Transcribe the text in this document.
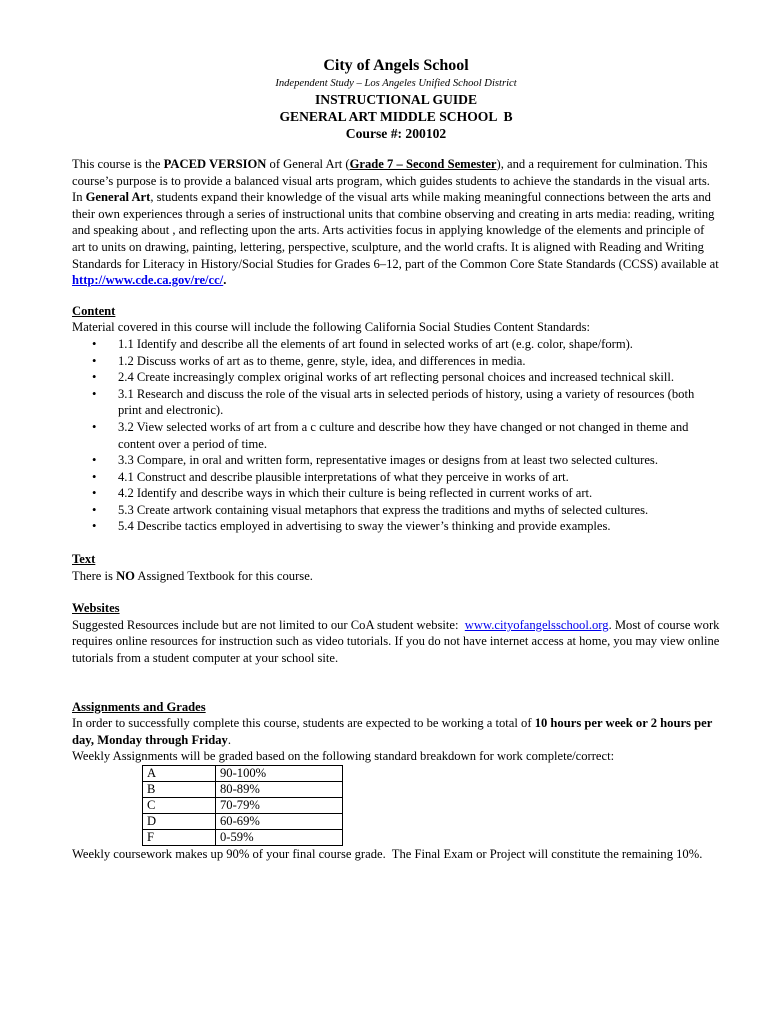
City of Angels School
Independent Study – Los Angeles Unified School District
INSTRUCTIONAL GUIDE
GENERAL ART MIDDLE SCHOOL  B
Course #: 200102

This course is the PACED VERSION of General Art (Grade 7 – Second Semester), and a requirement for culmination. This course’s purpose is to provide a balanced visual arts program, which guides students to achieve the standards in the visual arts. In General Art, students expand their knowledge of the visual arts while making meaningful connections between the arts and their own experiences through a series of instructional units that combine observing and creating in arts media: reading, writing and speaking about , and reflecting upon the arts. Arts activities focus in applying knowledge of the elements and principle of art to units on drawing, painting, lettering, perspective, sculpture, and the world crafts. It is aligned with Reading and Writing Standards for Literacy in History/Social Studies for Grades 6–12, part of the Common Core State Standards (CCSS) available at http://www.cde.ca.gov/re/cc/.

Content
Material covered in this course will include the following California Social Studies Content Standards:
• 1.1 Identify and describe all the elements of art found in selected works of art (e.g. color, shape/form).
• 1.2 Discuss works of art as to theme, genre, style, idea, and differences in media.
• 2.4 Create increasingly complex original works of art reflecting personal choices and increased technical skill.
• 3.1 Research and discuss the role of the visual arts in selected periods of history, using a variety of resources (both print and electronic).
• 3.2 View selected works of art from a c culture and describe how they have changed or not changed in theme and content over a period of time.
• 3.3 Compare, in oral and written form, representative images or designs from at least two selected cultures.
• 4.1 Construct and describe plausible interpretations of what they perceive in works of art.
• 4.2 Identify and describe ways in which their culture is being reflected in current works of art.
• 5.3 Create artwork containing visual metaphors that express the traditions and myths of selected cultures.
• 5.4 Describe tactics employed in advertising to sway the viewer’s thinking and provide examples.
Text
There is NO Assigned Textbook for this course.
Websites
Suggested Resources include but are not limited to our CoA student website:  www.cityofangelsschool.org. Most of course work requires online resources for instruction such as video tutorials. If you do not have internet access at home, you may view online tutorials from a student computer at your school site.
Assignments and Grades
In order to successfully complete this course, students are expected to be working a total of 10 hours per week or 2 hours per day, Monday through Friday.
Weekly Assignments will be graded based on the following standard breakdown for work complete/correct:
A	90-100%
B	80-89%
C	70-79%
D	60-69%
F	0-59%
Weekly coursework makes up 90% of your final course grade.  The Final Exam or Project will constitute the remaining 10%.
